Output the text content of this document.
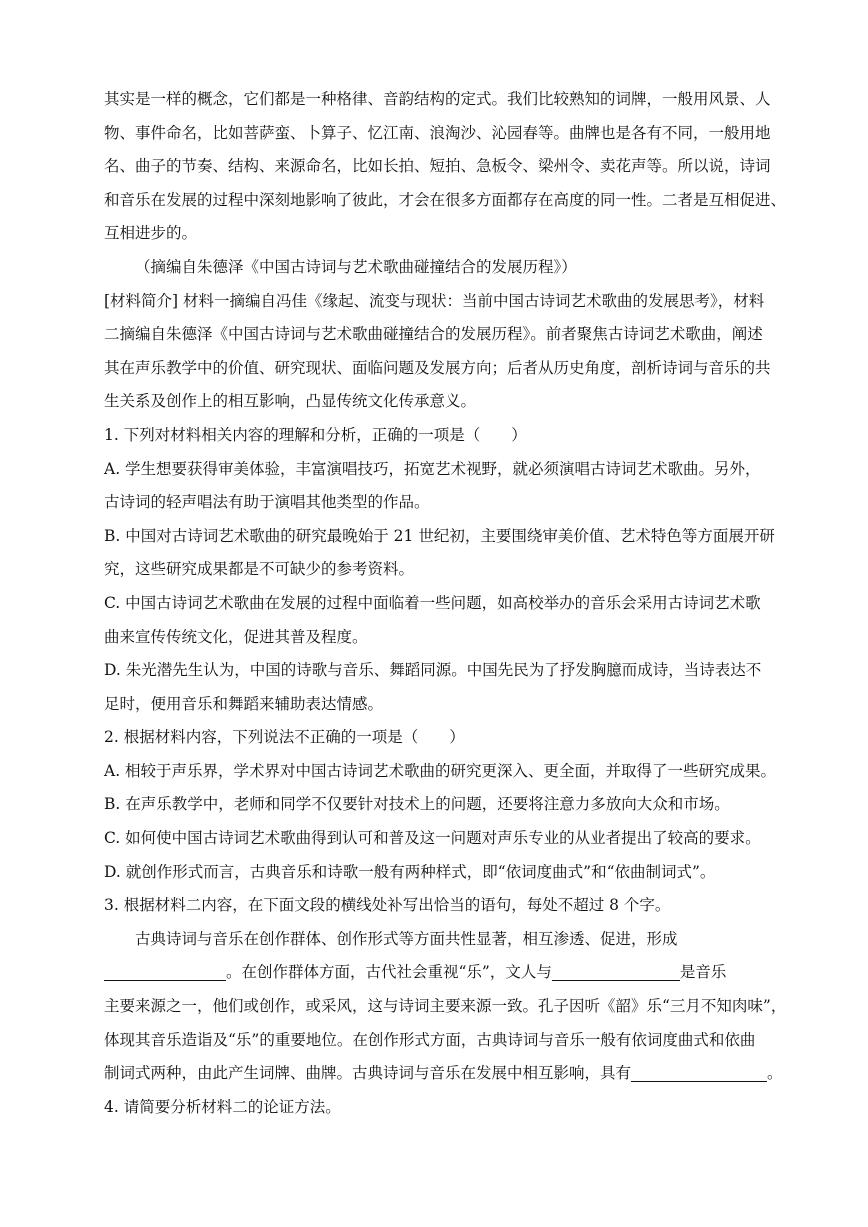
其实是一样的概念，它们都是一种格律、音韵结构的定式。我们比较熟知的词牌，一般用风景、人
物、事件命名，比如菩萨蛮、卜算子、忆江南、浪淘沙、沁园春等。曲牌也是各有不同，一般用地
名、曲子的节奏、结构、来源命名，比如长拍、短拍、急板令、梁州令、卖花声等。所以说，诗词
和音乐在发展的过程中深刻地影响了彼此，才会在很多方面都存在高度的同一性。二者是互相促进、
互相进步的。

（摘编自朱德泽《中国古诗词与艺术歌曲碰撞结合的发展历程》）

[材料简介] 材料一摘编自冯佳《缘起、流变与现状：当前中国古诗词艺术歌曲的发展思考》，材料
二摘编自朱德泽《中国古诗词与艺术歌曲碰撞结合的发展历程》。前者聚焦古诗词艺术歌曲，阐述
其在声乐教学中的价值、研究现状、面临问题及发展方向；后者从历史角度，剖析诗词与音乐的共
生关系及创作上的相互影响，凸显传统文化传承意义。

1. 下列对材料相关内容的理解和分析，正确的一项是（　　）

A. 学生想要获得审美体验，丰富演唱技巧，拓宽艺术视野，就必须演唱古诗词艺术歌曲。另外，
古诗词的轻声唱法有助于演唱其他类型的作品。

B. 中国对古诗词艺术歌曲的研究最晚始于 21 世纪初，主要围绕审美价值、艺术特色等方面展开研
究，这些研究成果都是不可缺少的参考资料。

C. 中国古诗词艺术歌曲在发展的过程中面临着一些问题，如高校举办的音乐会采用古诗词艺术歌
曲来宣传传统文化，促进其普及程度。

D. 朱光潜先生认为，中国的诗歌与音乐、舞蹈同源。中国先民为了抒发胸臆而成诗，当诗表达不
足时，便用音乐和舞蹈来辅助表达情感。

2. 根据材料内容，下列说法不正确的一项是（　　）

A. 相较于声乐界，学术界对中国古诗词艺术歌曲的研究更深入、更全面，并取得了一些研究成果。

B. 在声乐教学中，老师和同学不仅要针对技术上的问题，还要将注意力多放向大众和市场。

C. 如何使中国古诗词艺术歌曲得到认可和普及这一问题对声乐专业的从业者提出了较高的要求。

D. 就创作形式而言，古典音乐和诗歌一般有两种样式，即“依词度曲式”和“依曲制词式”。

3. 根据材料二内容，在下面文段的横线处补写出恰当的语句，每处不超过 8 个字。

古典诗词与音乐在创作群体、创作形式等方面共性显著，相互渗透、促进，形成
。在创作群体方面，古代社会重视“乐”，文人与	是音乐
主要来源之一，他们或创作，或采风，这与诗词主要来源一致。孔子因听《韶》乐“三月不知肉味”，
体现其音乐造诣及“乐”的重要地位。在创作形式方面，古典诗词与音乐一般有依词度曲式和依曲
制词式两种，由此产生词牌、曲牌。古典诗词与音乐在发展中相互影响，具有	。

4. 请简要分析材料二的论证方法。
